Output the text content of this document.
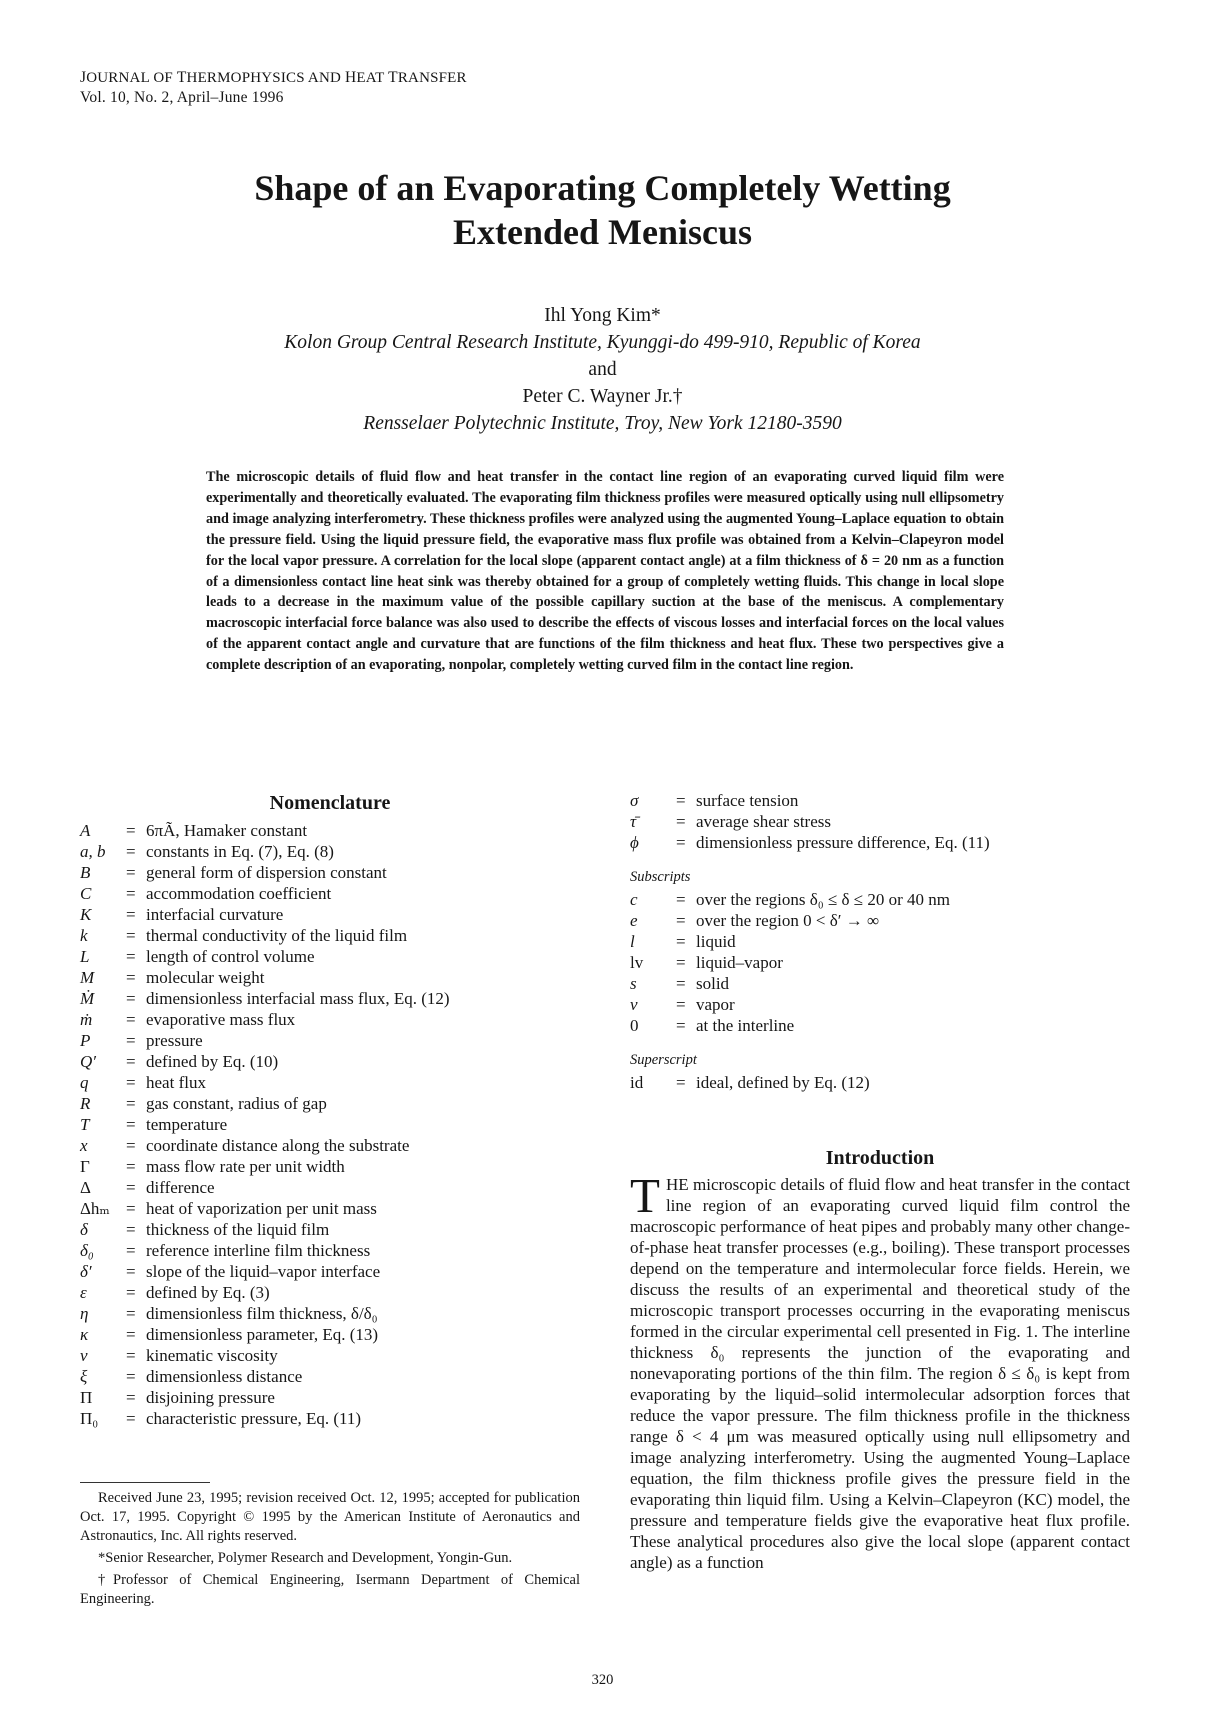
JOURNAL OF THERMOPHYSICS AND HEAT TRANSFER
Vol. 10, No. 2, April–June 1996
Shape of an Evaporating Completely Wetting
Extended Meniscus
Ihl Yong Kim*
Kolon Group Central Research Institute, Kyunggi-do 499-910, Republic of Korea
and
Peter C. Wayner Jr.†
Rensselaer Polytechnic Institute, Troy, New York 12180-3590
The microscopic details of fluid flow and heat transfer in the contact line region of an evaporating curved liquid film were experimentally and theoretically evaluated. The evaporating film thickness profiles were measured optically using null ellipsometry and image analyzing interferometry. These thickness profiles were analyzed using the augmented Young–Laplace equation to obtain the pressure field. Using the liquid pressure field, the evaporative mass flux profile was obtained from a Kelvin–Clapeyron model for the local vapor pressure. A correlation for the local slope (apparent contact angle) at a film thickness of δ = 20 nm as a function of a dimensionless contact line heat sink was thereby obtained for a group of completely wetting fluids. This change in local slope leads to a decrease in the maximum value of the possible capillary suction at the base of the meniscus. A complementary macroscopic interfacial force balance was also used to describe the effects of viscous losses and interfacial forces on the local values of the apparent contact angle and curvature that are functions of the film thickness and heat flux. These two perspectives give a complete description of an evaporating, nonpolar, completely wetting curved film in the contact line region.
Nomenclature
A	= 6πÃ, Hamaker constant
a, b	= constants in Eq. (7), Eq. (8)
B	= general form of dispersion constant
C	= accommodation coefficient
K	= interfacial curvature
k	= thermal conductivity of the liquid film
L	= length of control volume
M	= molecular weight
Ṁ	= dimensionless interfacial mass flux, Eq. (12)
ṁ	= evaporative mass flux
P	= pressure
Q′	= defined by Eq. (10)
q	= heat flux
R	= gas constant, radius of gap
T	= temperature
x	= coordinate distance along the substrate
Γ	= mass flow rate per unit width
Δ	= difference
Δhₘ = heat of vaporization per unit mass
δ	= thickness of the liquid film
δ₀	= reference interline film thickness
δ′	= slope of the liquid–vapor interface
ε	= defined by Eq. (3)
η	= dimensionless film thickness, δ/δ₀
κ	= dimensionless parameter, Eq. (13)
ν	= kinematic viscosity
ξ	= dimensionless distance
Π	= disjoining pressure
Π₀	= characteristic pressure, Eq. (11)
σ	= surface tension
τ̄	= average shear stress
ϕ	= dimensionless pressure difference, Eq. (11)
Subscripts
c	= over the regions δ₀ ≤ δ ≤ 20 or 40 nm
e	= over the region 0 < δ′ → ∞
l	= liquid
lv	= liquid–vapor
s	= solid
v	= vapor
0	= at the interline
Superscript
id	= ideal, defined by Eq. (12)
Introduction
THE microscopic details of fluid flow and heat transfer in the contact line region of an evaporating curved liquid film control the macroscopic performance of heat pipes and probably many other change-of-phase heat transfer processes (e.g., boiling). These transport processes depend on the temperature and intermolecular force fields. Herein, we discuss the results of an experimental and theoretical study of the microscopic transport processes occurring in the evaporating meniscus formed in the circular experimental cell presented in Fig. 1. The interline thickness δ₀ represents the junction of the evaporating and nonevaporating portions of the thin film. The region δ ≤ δ₀ is kept from evaporating by the liquid–solid intermolecular adsorption forces that reduce the vapor pressure. The film thickness profile in the thickness range δ < 4 μm was measured optically using null ellipsometry and image analyzing interferometry. Using the augmented Young–Laplace equation, the film thickness profile gives the pressure field in the evaporating thin liquid film. Using a Kelvin–Clapeyron (KC) model, the pressure and temperature fields give the evaporative heat flux profile. These analytical procedures also give the local slope (apparent contact angle) as a function

Received June 23, 1995; revision received Oct. 12, 1995; accepted for publication Oct. 17, 1995. Copyright © 1995 by the American Institute of Aeronautics and Astronautics, Inc. All rights reserved.

*Senior Researcher, Polymer Research and Development, Yongin-Gun.

†Professor of Chemical Engineering, Isermann Department of Chemical Engineering.

320
